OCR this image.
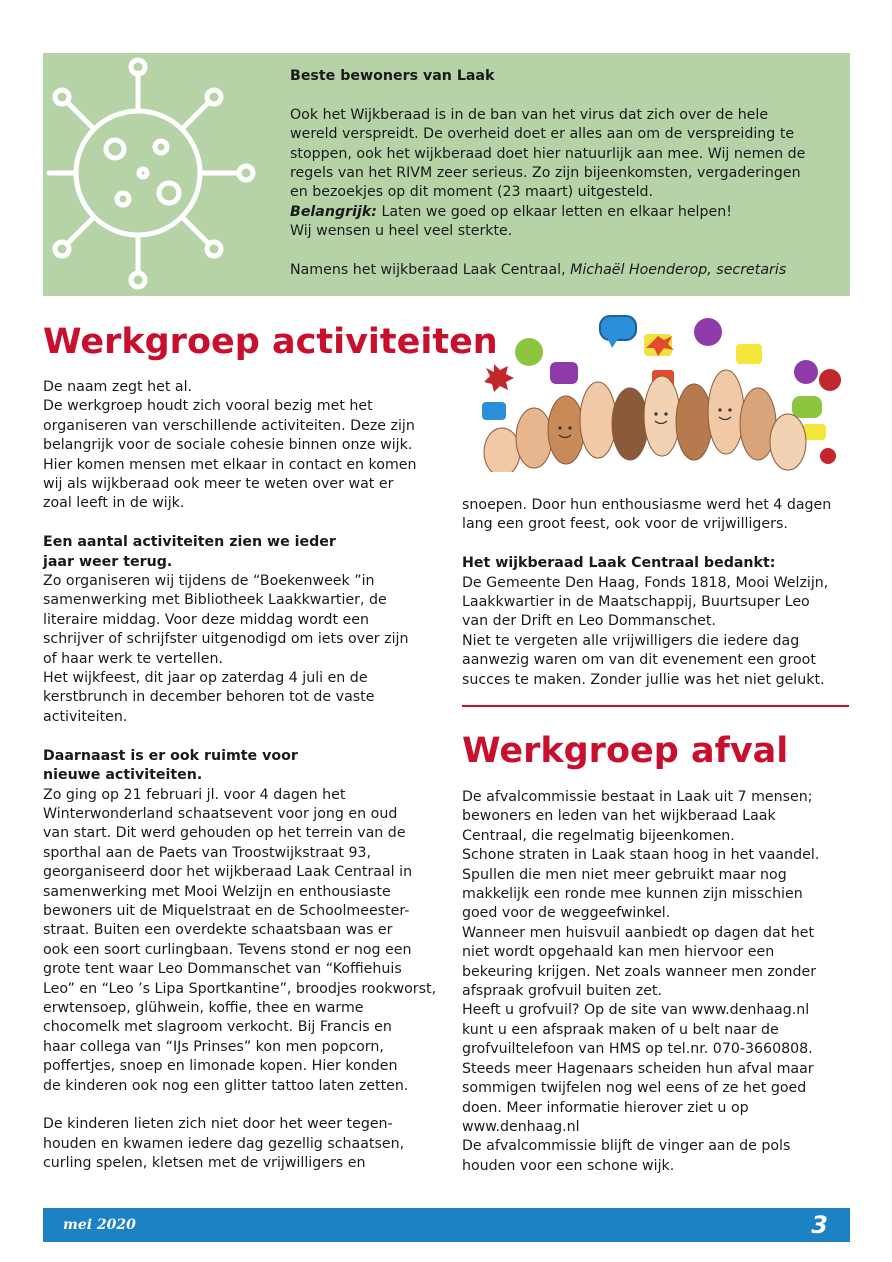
Beste bewoners van Laak

Ook het Wijkberaad is in de ban van het virus dat zich over de hele

wereld verspreidt. De overheid doet er alles aan om de verspreiding te

stoppen, ook het wijkberaad doet hier natuurlijk aan mee. Wij nemen de

regels van het RIVM zeer serieus. Zo zijn bijeenkomsten, vergaderingen

en bezoekjes op dit moment (23 maart) uitgesteld.

Belangrijk: Laten we goed op elkaar letten en elkaar helpen!

Wij wensen u heel veel sterkte.

Namens het wijkberaad Laak Centraal, Michaël Hoenderop, secretaris

Werkgroep activiteiten

De naam zegt het al.

De werkgroep houdt zich vooral bezig met het

organiseren van verschillende activiteiten. Deze zijn

belangrijk voor de sociale cohesie binnen onze wijk.

Hier komen mensen met elkaar in contact en komen

wij als wijkberaad ook meer te weten over wat er

zoal leeft in de wijk.

Een aantal activiteiten zien we ieder

jaar weer terug.

Zo organiseren wij tijdens de “Boekenweek ”in

samenwerking met Bibliotheek Laakkwartier, de

literaire middag. Voor deze middag wordt een

schrijver of schrijfster uitgenodigd om iets over zijn

of haar werk te vertellen.

Het wijkfeest, dit jaar op zaterdag 4 juli en de

kerstbrunch in december behoren tot de vaste

activiteiten.

Daarnaast is er ook ruimte voor

nieuwe activiteiten.

Zo ging op 21 februari jl. voor 4 dagen het

Winterwonderland schaatsevent voor jong en oud

van start. Dit werd gehouden op het terrein van de

sporthal aan de Paets van Troostwijkstraat 93,

georganiseerd door het wijkberaad Laak Centraal in

samenwerking met Mooi Welzijn en enthousiaste

bewoners uit de Miquelstraat en de Schoolmeester-

straat. Buiten een overdekte schaatsbaan was er

ook een soort curlingbaan. Tevens stond er nog een

grote tent waar Leo Dommanschet van “Koffiehuis

Leo” en “Leo ’s Lipa Sportkantine”, broodjes rookworst,

erwtensoep, glühwein, koffie, thee en warme

chocomelk met slagroom verkocht. Bij Francis en

haar collega van “IJs Prinses” kon men popcorn,

poffertjes, snoep en limonade kopen. Hier konden

de kinderen ook nog een glitter tattoo laten zetten.

De kinderen lieten zich niet door het weer tegen-

houden en kwamen iedere dag gezellig schaatsen,

curling spelen, kletsen met de vrijwilligers en

snoepen. Door hun enthousiasme werd het 4 dagen

lang een groot feest, ook voor de vrijwilligers.

Het wijkberaad Laak Centraal bedankt:

De Gemeente Den Haag, Fonds 1818, Mooi Welzijn,

Laakkwartier in de Maatschappij, Buurtsuper Leo

van der Drift en Leo Dommanschet.

Niet te vergeten alle vrijwilligers die iedere dag

aanwezig waren om van dit evenement een groot

succes te maken. Zonder jullie was het niet gelukt.

Werkgroep afval

De afvalcommissie bestaat in Laak uit 7 mensen;

bewoners en leden van het wijkberaad Laak

Centraal, die regelmatig bijeenkomen.

Schone straten in Laak staan hoog in het vaandel.

Spullen die men niet meer gebruikt maar nog

makkelijk een ronde mee kunnen zijn misschien

goed voor de weggeefwinkel.

Wanneer men huisvuil aanbiedt op dagen dat het

niet wordt opgehaald kan men hiervoor een

bekeuring krijgen. Net zoals wanneer men zonder

afspraak grofvuil buiten zet.

Heeft u grofvuil? Op de site van www.denhaag.nl

kunt u een afspraak maken of u belt naar de

grofvuiltelefoon van HMS op tel.nr. 070-3660808.

Steeds meer Hagenaars scheiden hun afval maar

sommigen twijfelen nog wel eens of ze het goed

doen. Meer informatie hierover ziet u op

www.denhaag.nl

De afvalcommissie blijft de vinger aan de pols

houden voor een schone wijk.

mei 2020	3
